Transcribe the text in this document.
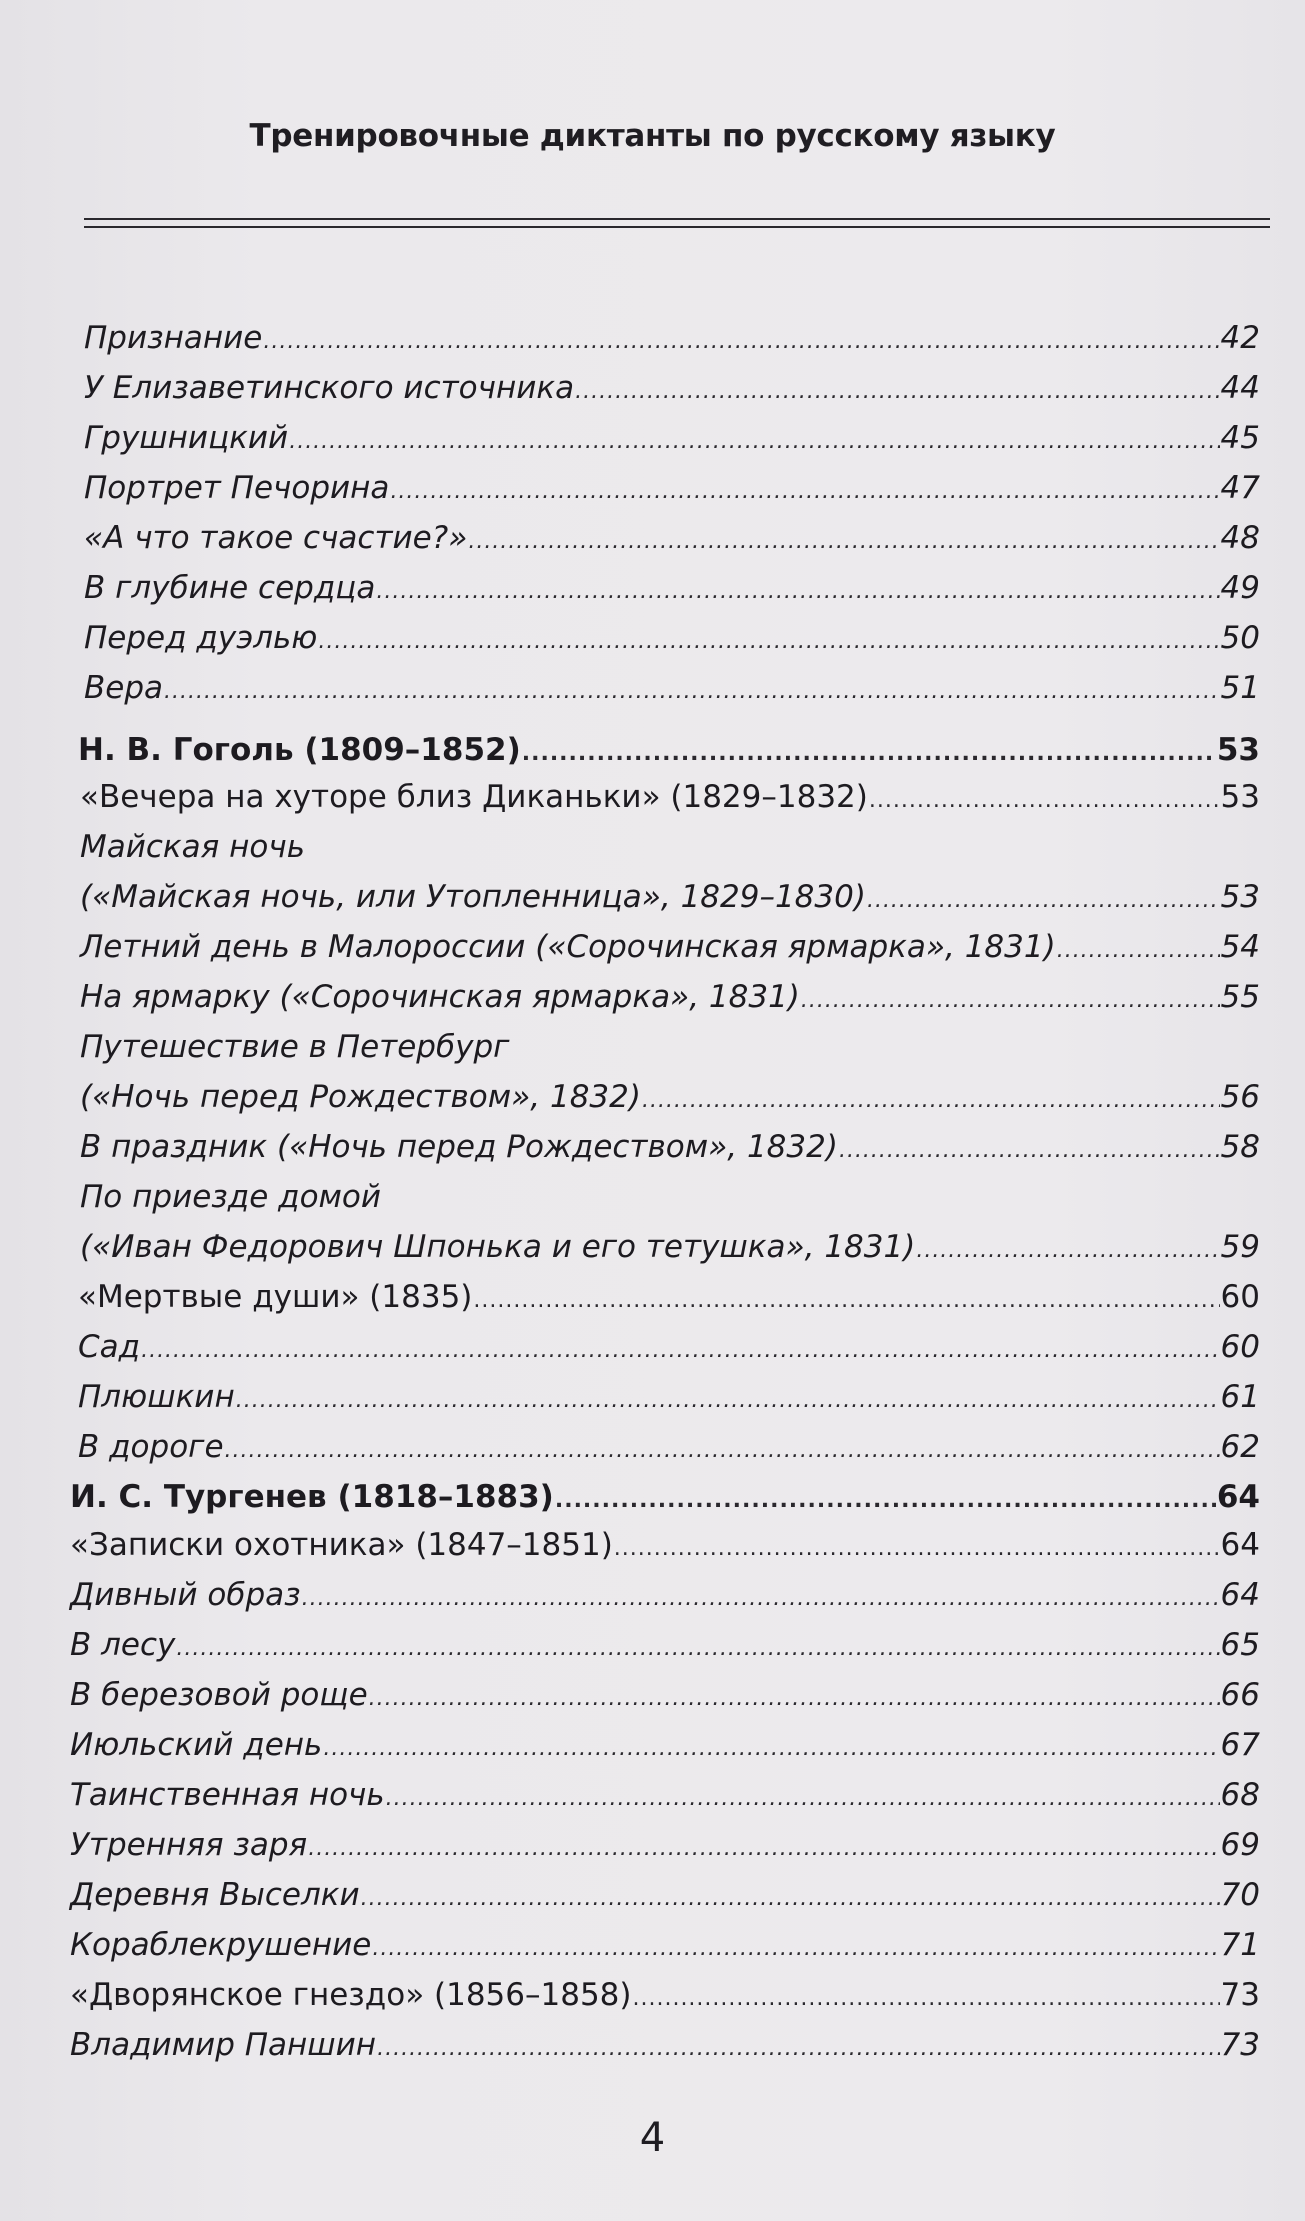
Тренировочные диктанты по русскому языку
Признание .....	42
У Елизаветинского источника .....	44
Грушницкий .....	45
Портрет Печорина .....	47
«А что такое счастие?» .....	48
В глубине сердца .....	49
Перед дуэлью .....	50
Вера .....	51
Н. В. Гоголь (1809–1852) .....	53
«Вечера на хуторе близ Диканьки» (1829–1832) .....	53
Майская ночь
(«Майская ночь, или Утопленница», 1829–1830) .....	53
Летний день в Малороссии («Сорочинская ярмарка», 1831) .....	54
На ярмарку («Сорочинская ярмарка», 1831) .....	55
Путешествие в Петербург
(«Ночь перед Рождеством», 1832) .....	56
В праздник («Ночь перед Рождеством», 1832) .....	58
По приезде домой
(«Иван Федорович Шпонька и его тетушка», 1831) .....	59
«Мертвые души» (1835) .....	60
Сад .....	60
Плюшкин .....	61
В дороге .....	62
И. С. Тургенев (1818–1883) .....	64
«Записки охотника» (1847–1851) .....	64
Дивный образ .....	64
В лесу .....	65
В березовой роще .....	66
Июльский день .....	67
Таинственная ночь .....	68
Утренняя заря .....	69
Деревня Выселки .....	70
Кораблекрушение .....	71
«Дворянское гнездо» (1856–1858) .....	73
Владимир Паншин .....	73
4
